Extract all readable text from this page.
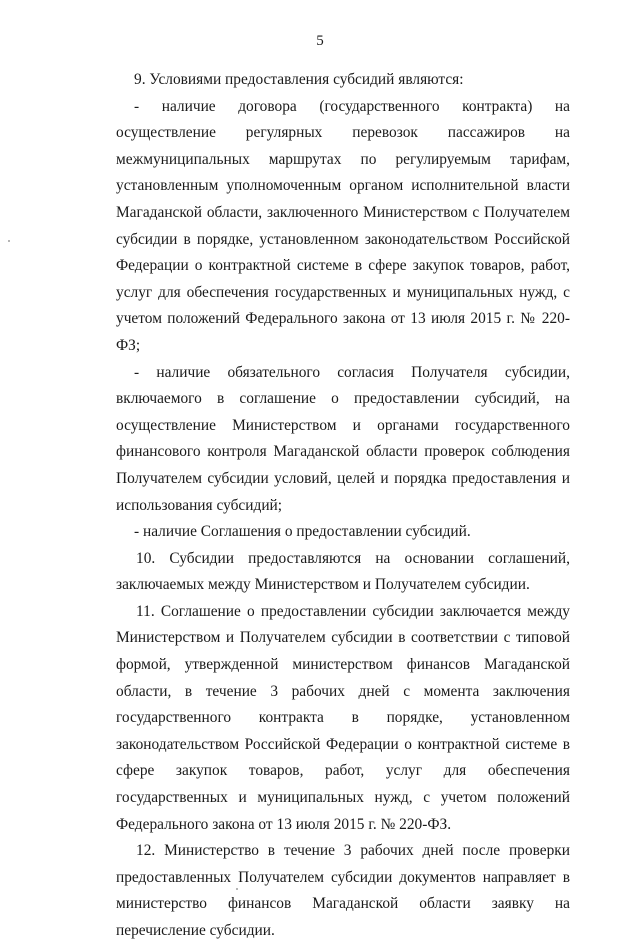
5

9. Условиями предоставления субсидий являются:

- наличие договора (государственного контракта) на осуществление регулярных перевозок пассажиров на межмуниципальных маршрутах по регулируемым тарифам, установленным уполномоченным органом исполнительной власти Магаданской области, заключенного Министерством с Получателем субсидии в порядке, установленном законодательством Российской Федерации о контрактной системе в сфере закупок товаров, работ, услуг для обеспечения государственных и муниципальных нужд, с учетом положений Федерального закона от 13 июля 2015 г. № 220-ФЗ;

- наличие обязательного согласия Получателя субсидии, включаемого в соглашение о предоставлении субсидий, на осуществление Министерством и органами государственного финансового контроля Магаданской области проверок соблюдения Получателем субсидии условий, целей и порядка предоставления и использования субсидий;

- наличие Соглашения о предоставлении субсидий.

10. Субсидии предоставляются на основании соглашений, заключаемых между Министерством и Получателем субсидии.

11. Соглашение о предоставлении субсидии заключается между Министерством и Получателем субсидии в соответствии с типовой формой, утвержденной министерством финансов Магаданской области, в течение 3 рабочих дней с момента заключения государственного контракта в порядке, установленном законодательством Российской Федерации о контрактной системе в сфере закупок товаров, работ, услуг для обеспечения государственных и муниципальных нужд, с учетом положений Федерального закона от 13 июля 2015 г. № 220-ФЗ.

12. Министерство в течение 3 рабочих дней после проверки предоставленных Получателем субсидии документов направляет в министерство финансов Магаданской области заявку на перечисление субсидии.
